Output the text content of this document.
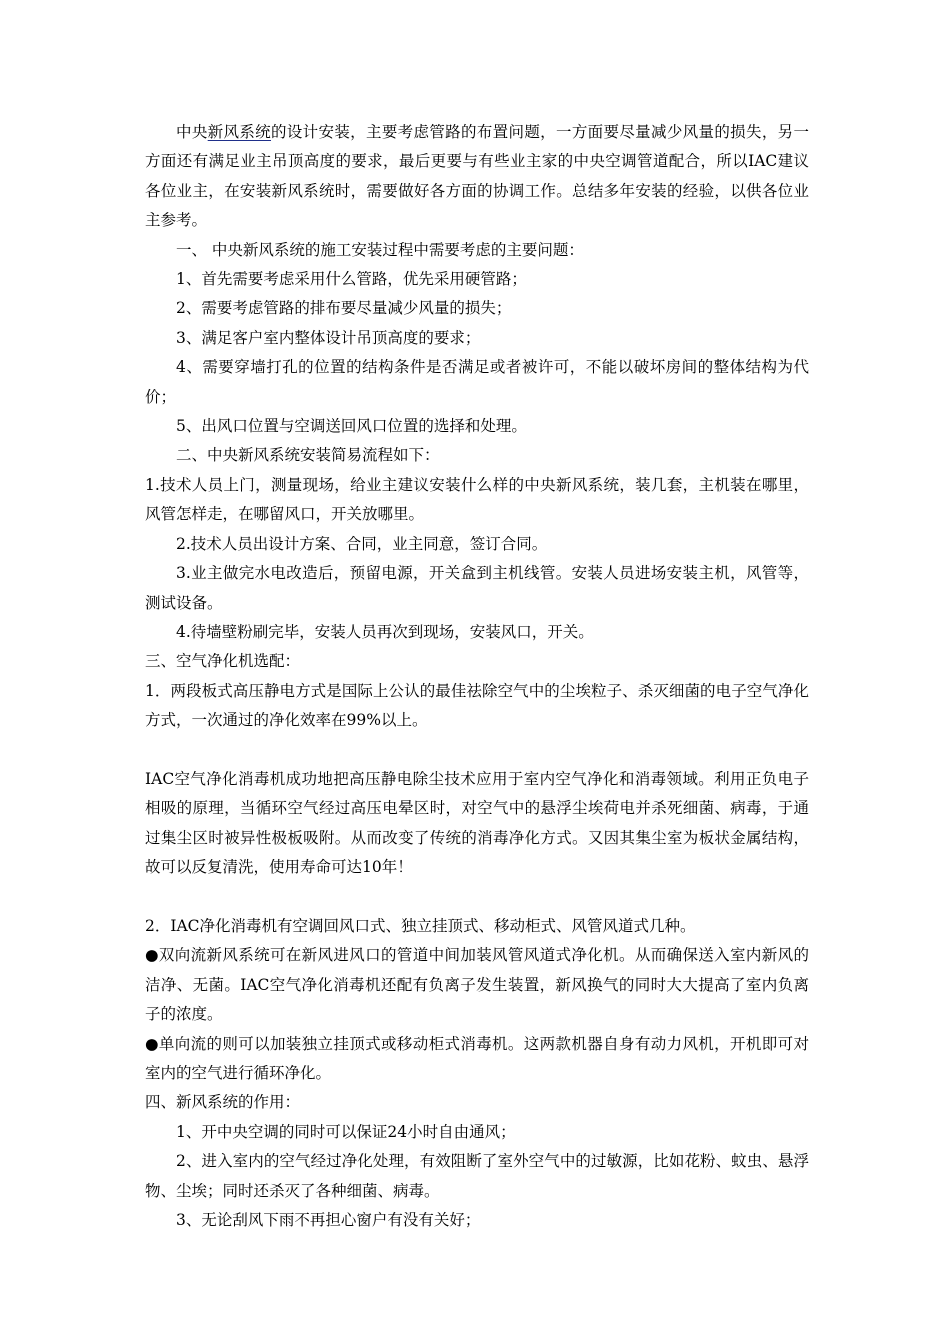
中央新风系统的设计安装，主要考虑管路的布置问题，一方面要尽量减少风量的损失，另一方面还有满足业主吊顶高度的要求，最后更要与有些业主家的中央空调管道配合，所以IAC建议各位业主，在安装新风系统时，需要做好各方面的协调工作。总结多年安装的经验，以供各位业主参考。

一、 中央新风系统的施工安装过程中需要考虑的主要问题：

1、首先需要考虑采用什么管路，优先采用硬管路；

2、需要考虑管路的排布要尽量减少风量的损失；

3、满足客户室内整体设计吊顶高度的要求；

4、需要穿墙打孔的位置的结构条件是否满足或者被许可，不能以破坏房间的整体结构为代价；

5、出风口位置与空调送回风口位置的选择和处理。

二、中央新风系统安装简易流程如下：

1.技术人员上门，测量现场，给业主建议安装什么样的中央新风系统，装几套，主机装在哪里，风管怎样走，在哪留风口，开关放哪里。

2.技术人员出设计方案、合同，业主同意，签订合同。

3.业主做完水电改造后，预留电源，开关盒到主机线管。安装人员进场安装主机，风管等，测试设备。

4.待墙壁粉刷完毕，安装人员再次到现场，安装风口，开关。

三、空气净化机选配：

1．两段板式高压静电方式是国际上公认的最佳祛除空气中的尘埃粒子、杀灭细菌的电子空气净化方式，一次通过的净化效率在99%以上。

IAC空气净化消毒机成功地把高压静电除尘技术应用于室内空气净化和消毒领域。利用正负电子相吸的原理，当循环空气经过高压电晕区时，对空气中的悬浮尘埃荷电并杀死细菌、病毒，于通过集尘区时被异性极板吸附。从而改变了传统的消毒净化方式。又因其集尘室为板状金属结构，故可以反复清洗，使用寿命可达10年！

2．IAC净化消毒机有空调回风口式、独立挂顶式、移动柜式、风管风道式几种。

●双向流新风系统可在新风进风口的管道中间加装风管风道式净化机。从而确保送入室内新风的洁净、无菌。IAC空气净化消毒机还配有负离子发生装置，新风换气的同时大大提高了室内负离子的浓度。

●单向流的则可以加装独立挂顶式或移动柜式消毒机。这两款机器自身有动力风机，开机即可对室内的空气进行循环净化。

四、新风系统的作用：

1、开中央空调的同时可以保证24小时自由通风；

2、进入室内的空气经过净化处理，有效阻断了室外空气中的过敏源，比如花粉、蚊虫、悬浮物、尘埃；同时还杀灭了各种细菌、病毒。

3、无论刮风下雨不再担心窗户有没有关好；
